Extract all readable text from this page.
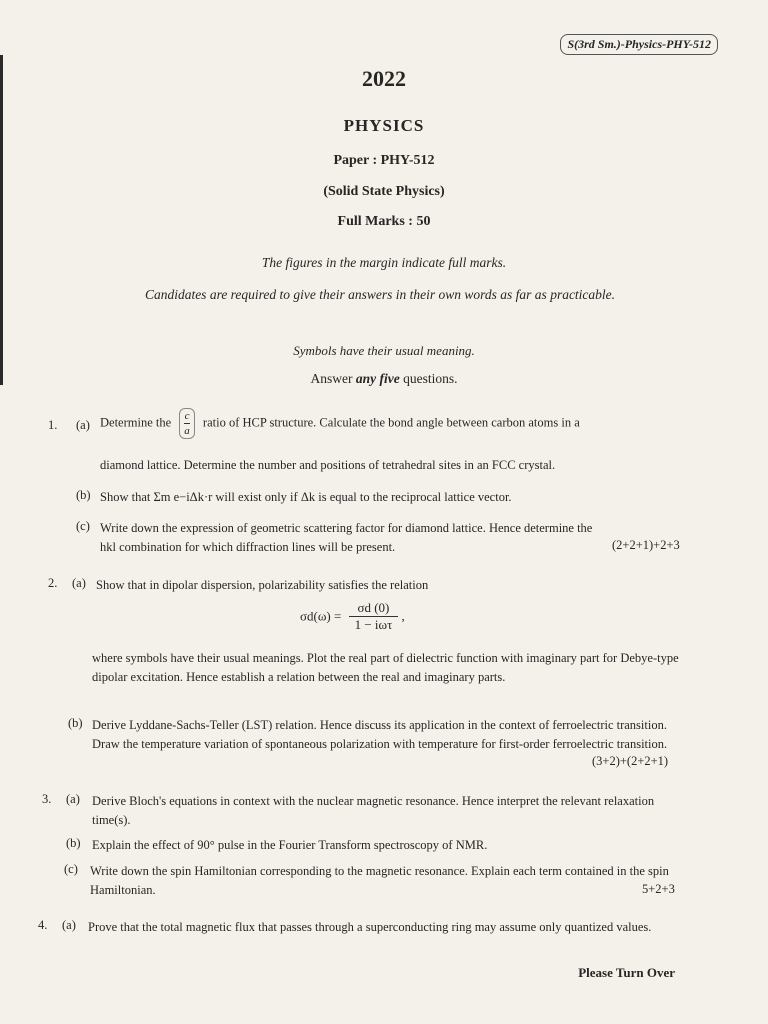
S(3rd Sm.)-Physics-PHY-512
2022
PHYSICS
Paper : PHY-512
(Solid State Physics)
Full Marks : 50
The figures in the margin indicate full marks.
Candidates are required to give their answers in their own words as far as practicable.
Symbols have their usual meaning.
Answer any five questions.
1. (a) Determine the $\frac{c}{a}$ ratio of HCP structure. Calculate the bond angle between carbon atoms in a
diamond lattice. Determine the number and positions of tetrahedral sites in an FCC crystal.
(b) Show that Σm e−iΔk·r will exist only if Δk is equal to the reciprocal lattice vector.
(c) Write down the expression of geometric scattering factor for diamond lattice. Hence determine the
hkl combination for which diffraction lines will be present.	(2+2+1)+2+3
2. (a) Show that in dipolar dispersion, polarizability satisfies the relation
$\sigma d(\omega) = \frac{\sigma d (0)}{\text{1 − iωτ}}$ ,
where symbols have their usual meanings. Plot the real part of dielectric function with imaginary part for Debye-type dipolar excitation. Hence establish a relation between the real and imaginary parts.
(b) Derive Lyddane-Sachs-Teller (LST) relation. Hence discuss its application in the context of ferroelectric transition. Draw the temperature variation of spontaneous polarization with temperature for first-order ferroelectric transition.
(3+2)+(2+2+1)
3. (a) Derive Bloch's equations in context with the nuclear magnetic resonance. Hence interpret the relevant relaxation time(s).
(b) Explain the effect of 90° pulse in the Fourier Transform spectroscopy of NMR.
(c) Write down the spin Hamiltonian corresponding to the magnetic resonance. Explain each term contained in the spin Hamiltonian.	5+2+3
4. (a) Prove that the total magnetic flux that passes through a superconducting ring may assume only quantized values.
Please Turn Over
